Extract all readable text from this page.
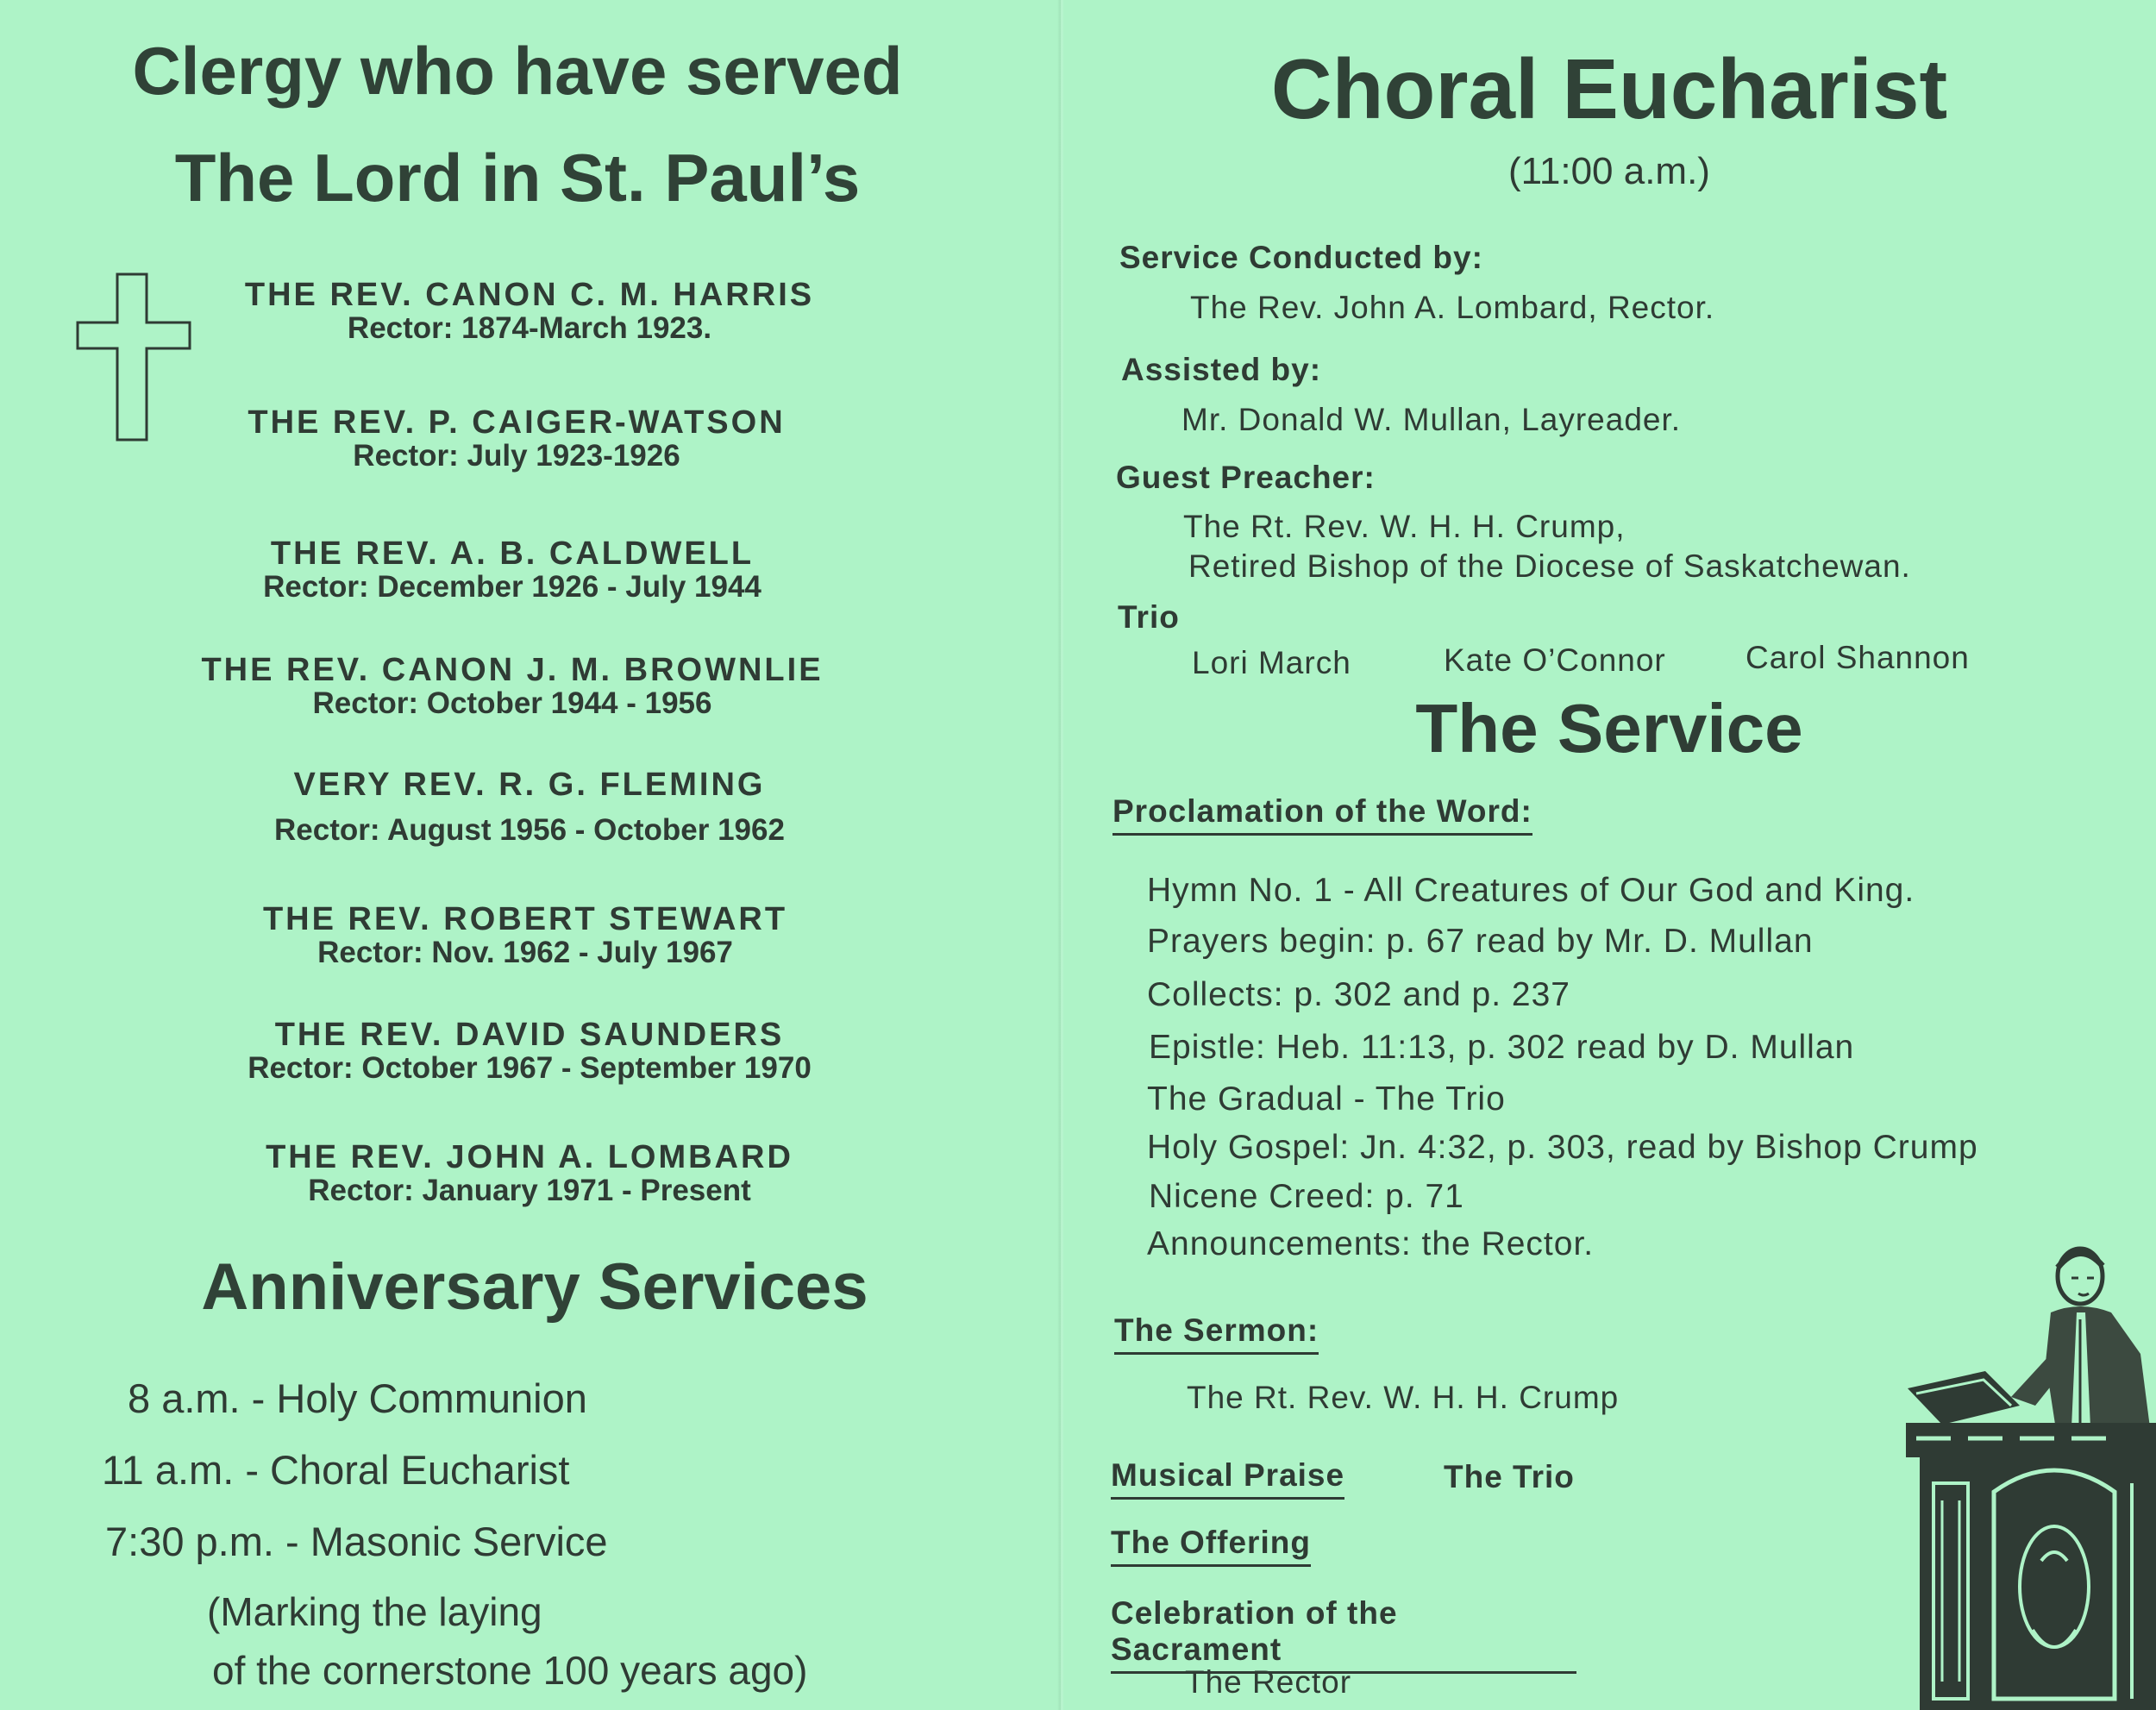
Clergy who have served
The Lord in St. Paul’s
THE REV. CANON C. M. HARRIS
Rector: 1874-March 1923.
THE REV. P. CAIGER-WATSON
Rector: July 1923-1926
THE REV. A. B. CALDWELL
Rector: December 1926 - July 1944
THE REV. CANON J. M. BROWNLIE
Rector: October 1944 - 1956
VERY REV. R. G. FLEMING
Rector: August 1956 - October 1962
THE REV. ROBERT STEWART
Rector: Nov. 1962 - July 1967
THE REV. DAVID SAUNDERS
Rector: October 1967 - September 1970
THE REV. JOHN A. LOMBARD
Rector: January 1971 - Present
Anniversary Services
8 a.m. - Holy Communion
11 a.m. - Choral Eucharist
7:30 p.m. - Masonic Service
(Marking the laying
of the cornerstone 100 years ago)
Choral Eucharist
(11:00 a.m.)
Service Conducted by:
The Rev. John A. Lombard, Rector.
Assisted by:
Mr. Donald W. Mullan, Layreader.
Guest Preacher:
The Rt. Rev. W. H. H. Crump,
Retired Bishop of the Diocese of Saskatchewan.
Trio
Lori March	Kate O’Connor Carol Shannon
The Service
Proclamation of the Word:
Hymn No. 1 - All Creatures of Our God and King.
Prayers begin: p. 67 read by Mr. D. Mullan
Collects: p. 302 and p. 237
Epistle: Heb. 11:13, p. 302 read by D. Mullan
The Gradual - The Trio
Holy Gospel: Jn. 4:32, p. 303, read by Bishop Crump
Nicene Creed: p. 71
Announcements: the Rector.
The Sermon:
The Rt. Rev. W. H. H. Crump
Musical Praise	The Trio
The Offering
Celebration of the Sacrament
The Rector
